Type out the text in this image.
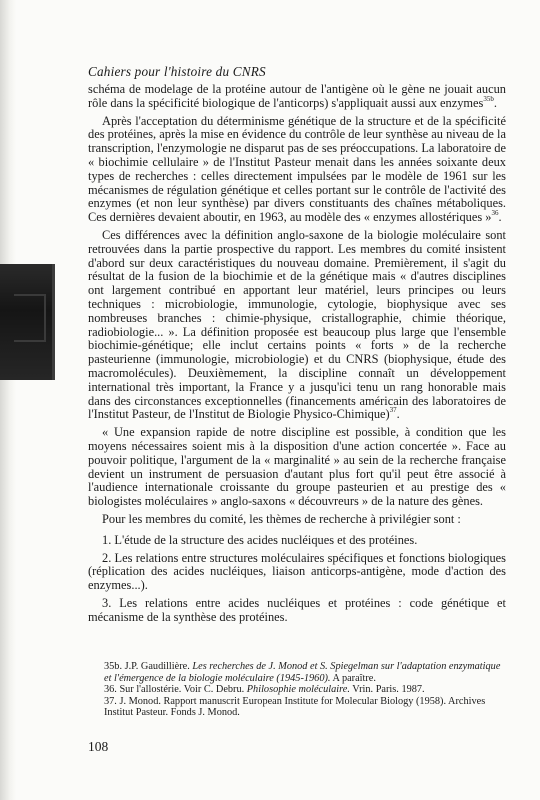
Cahiers pour l'histoire du CNRS

schéma de modelage de la protéine autour de l'antigène où le gène ne jouait aucun rôle dans la spécificité biologique de l'anticorps) s'appliquait aussi aux enzymes$^{35b}$.

Après l'acceptation du déterminisme génétique de la structure et de la spécificité des protéines, après la mise en évidence du contrôle de leur synthèse au niveau de la transcription, l'enzymologie ne disparut pas de ses préoccupations. La laboratoire de « biochimie cellulaire » de l'Institut Pasteur menait dans les années soixante deux types de recherches : celles directement impulsées par le modèle de 1961 sur les mécanismes de régulation génétique et celles portant sur le contrôle de l'activité des enzymes (et non leur synthèse) par divers constituants des chaînes métaboliques. Ces dernières devaient aboutir, en 1963, au modèle des « enzymes allostériques »$^{36}$.

Ces différences avec la définition anglo-saxone de la biologie moléculaire sont retrouvées dans la partie prospective du rapport. Les membres du comité insistent d'abord sur deux caractéristiques du nouveau domaine. Premièrement, il s'agit du résultat de la fusion de la biochimie et de la génétique mais « d'autres disciplines ont largement contribué en apportant leur matériel, leurs principes ou leurs techniques : microbiologie, immunologie, cytologie, biophysique avec ses nombreuses branches : chimie-physique, cristallographie, chimie théorique, radiobiologie... ». La définition proposée est beaucoup plus large que l'ensemble biochimie-génétique; elle inclut certains points « forts » de la recherche pasteurienne (immunologie, microbiologie) et du CNRS (biophysique, étude des macromolécules). Deuxièmement, la discipline connaît un développement international très important, la France y a jusqu'ici tenu un rang honorable mais dans des circonstances exceptionnelles (financements américain des laboratoires de l'Institut Pasteur, de l'Institut de Biologie Physico-Chimique)$^{37}$.

« Une expansion rapide de notre discipline est possible, à condition que les moyens nécessaires soient mis à la disposition d'une action concertée ». Face au pouvoir politique, l'argument de la « marginalité » au sein de la recherche française devient un instrument de persuasion d'autant plus fort qu'il peut être associé à l'audience internationale croissante du groupe pasteurien et au prestige des « biologistes moléculaires » anglo-saxons « découvreurs » de la nature des gènes.

Pour les membres du comité, les thèmes de recherche à privilégier sont :

1. L'étude de la structure des acides nucléiques et des protéines.

2. Les relations entre structures moléculaires spécifiques et fonctions biologiques (réplication des acides nucléiques, liaison anticorps-antigène, mode d'action des enzymes...).

3. Les relations entre acides nucléiques et protéines : code génétique et mécanisme de la synthèse des protéines.

35b. J.P. Gaudillière. Les recherches de J. Monod et S. Spiegelman sur l'adaptation enzymatique et l'émergence de la biologie moléculaire (1945-1960). A paraître.

36. Sur l'allostérie. Voir C. Debru. Philosophie moléculaire. Vrin. Paris. 1987.

37. J. Monod. Rapport manuscrit European Institute for Molecular Biology (1958). Archives Institut Pasteur. Fonds J. Monod.

108
